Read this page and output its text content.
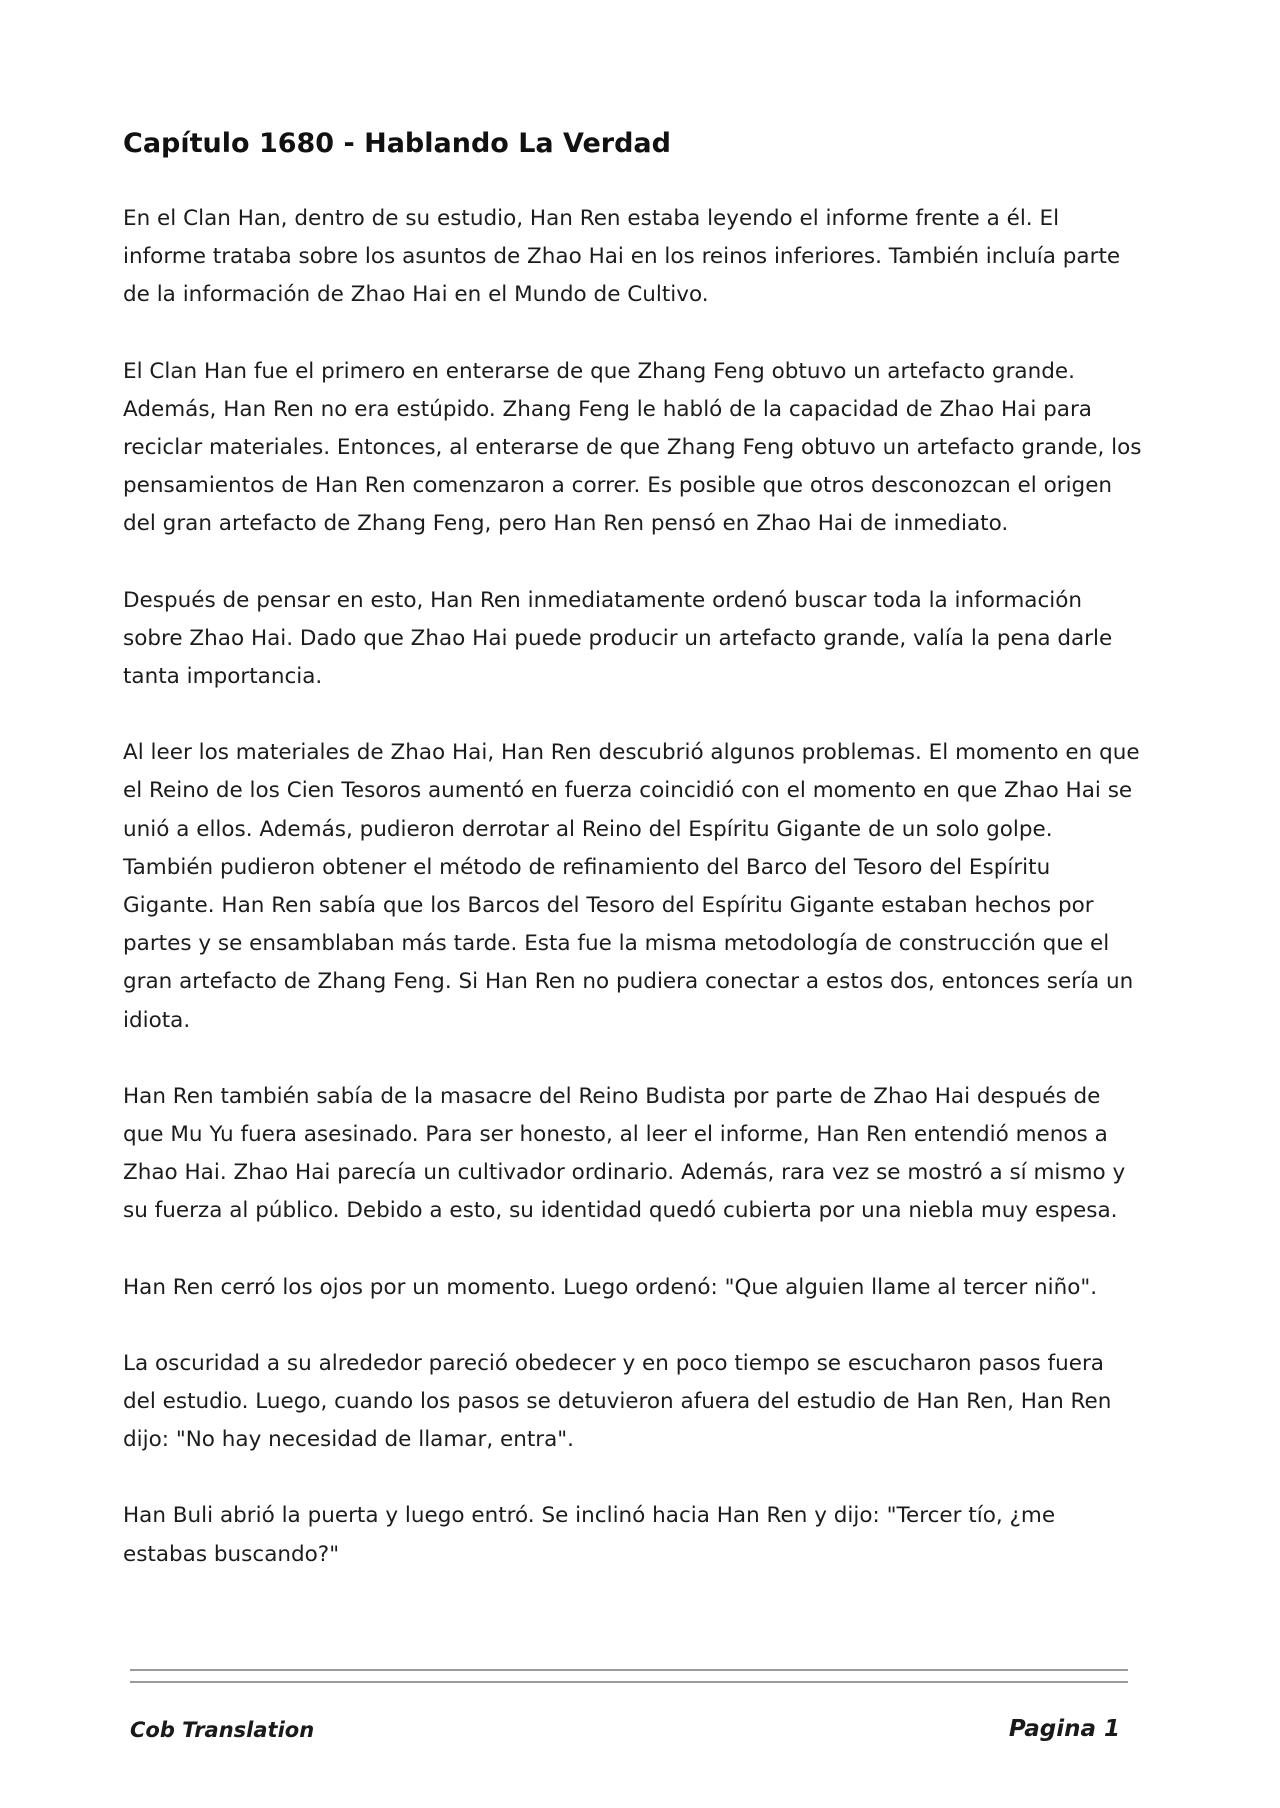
Capítulo 1680 - Hablando La Verdad

En el Clan Han, dentro de su estudio, Han Ren estaba leyendo el informe frente a él. El informe trataba sobre los asuntos de Zhao Hai en los reinos inferiores. También incluía parte de la información de Zhao Hai en el Mundo de Cultivo.

El Clan Han fue el primero en enterarse de que Zhang Feng obtuvo un artefacto grande. Además, Han Ren no era estúpido. Zhang Feng le habló de la capacidad de Zhao Hai para reciclar materiales. Entonces, al enterarse de que Zhang Feng obtuvo un artefacto grande, los pensamientos de Han Ren comenzaron a correr. Es posible que otros desconozcan el origen del gran artefacto de Zhang Feng, pero Han Ren pensó en Zhao Hai de inmediato.

Después de pensar en esto, Han Ren inmediatamente ordenó buscar toda la información sobre Zhao Hai. Dado que Zhao Hai puede producir un artefacto grande, valía la pena darle tanta importancia.

Al leer los materiales de Zhao Hai, Han Ren descubrió algunos problemas. El momento en que el Reino de los Cien Tesoros aumentó en fuerza coincidió con el momento en que Zhao Hai se unió a ellos. Además, pudieron derrotar al Reino del Espíritu Gigante de un solo golpe. También pudieron obtener el método de refinamiento del Barco del Tesoro del Espíritu Gigante. Han Ren sabía que los Barcos del Tesoro del Espíritu Gigante estaban hechos por partes y se ensamblaban más tarde. Esta fue la misma metodología de construcción que el gran artefacto de Zhang Feng. Si Han Ren no pudiera conectar a estos dos, entonces sería un idiota.

Han Ren también sabía de la masacre del Reino Budista por parte de Zhao Hai después de que Mu Yu fuera asesinado. Para ser honesto, al leer el informe, Han Ren entendió menos a Zhao Hai. Zhao Hai parecía un cultivador ordinario. Además, rara vez se mostró a sí mismo y su fuerza al público. Debido a esto, su identidad quedó cubierta por una niebla muy espesa.

Han Ren cerró los ojos por un momento. Luego ordenó: "Que alguien llame al tercer niño".

La oscuridad a su alrededor pareció obedecer y en poco tiempo se escucharon pasos fuera del estudio. Luego, cuando los pasos se detuvieron afuera del estudio de Han Ren, Han Ren dijo: "No hay necesidad de llamar, entra".

Han Buli abrió la puerta y luego entró. Se inclinó hacia Han Ren y dijo: "Tercer tío, ¿me estabas buscando?"

Cob Translation	Pagina 1
